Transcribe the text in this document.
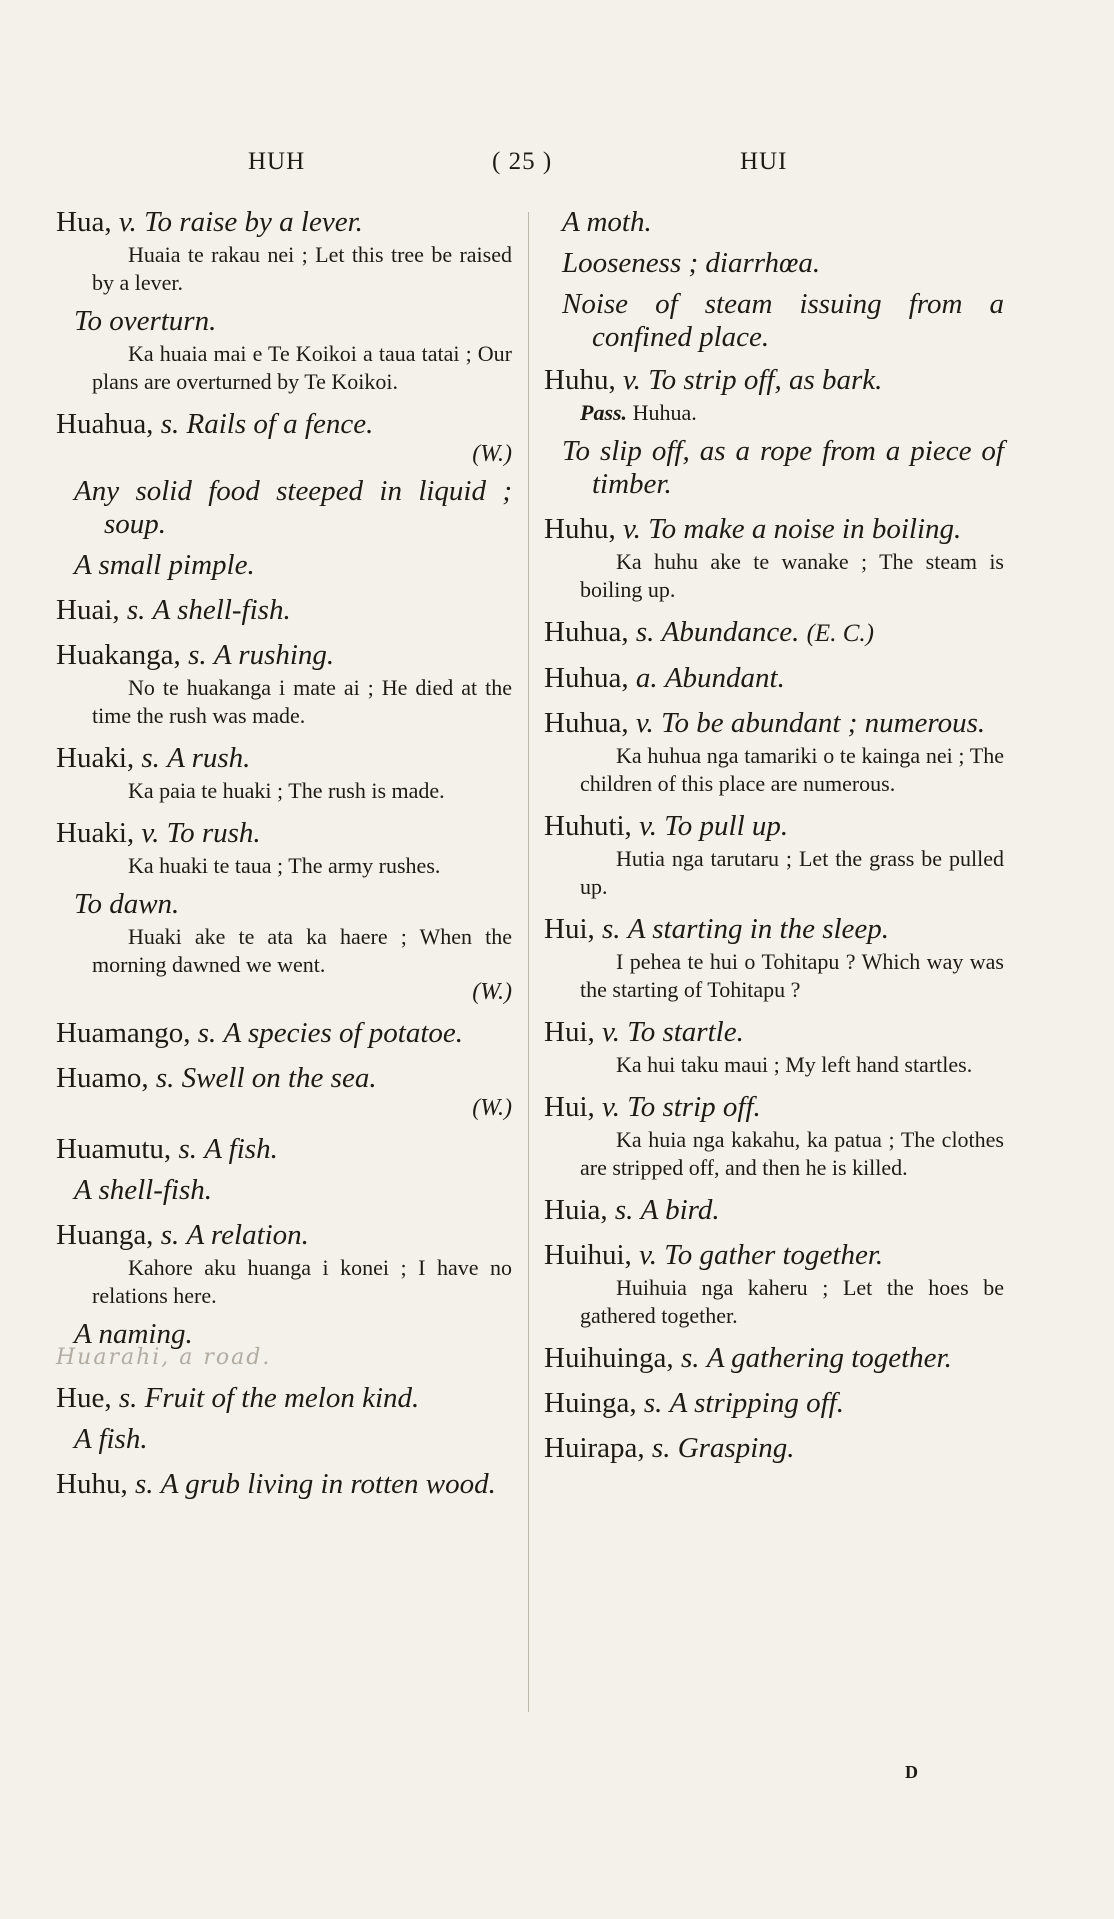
HUH	( 25 )	HUI

Hua, v. To raise by a lever.

Huaia te rakau nei ; Let this tree be raised by a lever.

To overturn.

Ka huaia mai e Te Koikoi a taua tatai ; Our plans are overturned by Te Koikoi.

Huahua, s. Rails of a fence.

(W.)

Any solid food steeped in liquid ; soup.

A small pimple.

Huai, s. A shell-fish.

Huakanga, s. A rushing.

No te huakanga i mate ai ; He died at the time the rush was made.

Huaki, s. A rush.

Ka paia te huaki ; The rush is made.

Huaki, v. To rush.

Ka huaki te taua ; The army rushes.

To dawn.

Huaki ake te ata ka haere ; When the morning dawned we went.

(W.)

Huamango, s. A species of potatoe.

Huamo, s. Swell on the sea.

(W.)

Huamutu, s. A fish.

A shell-fish.

Huanga, s. A relation.

Kahore aku huanga i konei ; I have no relations here.

A naming.

Huarahi, a road.

Hue, s. Fruit of the melon kind.

A fish.

Huhu, s. A grub living in rotten wood.

A moth.

Looseness ; diarrhœa.

Noise of steam issuing from a confined place.

Huhu, v. To strip off, as bark.

Pass. Huhua.

To slip off, as a rope from a piece of timber.

Huhu, v. To make a noise in boiling.

Ka huhu ake te wanake ; The steam is boiling up.

Huhua, s. Abundance. (E. C.)

Huhua, a. Abundant.

Huhua, v. To be abundant ; numerous.

Ka huhua nga tamariki o te kainga nei ; The children of this place are numerous.

Huhuti, v. To pull up.

Hutia nga tarutaru ; Let the grass be pulled up.

Hui, s. A starting in the sleep.

I pehea te hui o Tohitapu ? Which way was the starting of Tohitapu ?

Hui, v. To startle.

Ka hui taku maui ; My left hand startles.

Hui, v. To strip off.

Ka huia nga kakahu, ka patua ; The clothes are stripped off, and then he is killed.

Huia, s. A bird.

Huihui, v. To gather together.

Huihuia nga kaheru ; Let the hoes be gathered together.

Huihuinga, s. A gathering together.

Huinga, s. A stripping off.

Huirapa, s. Grasping.

D
